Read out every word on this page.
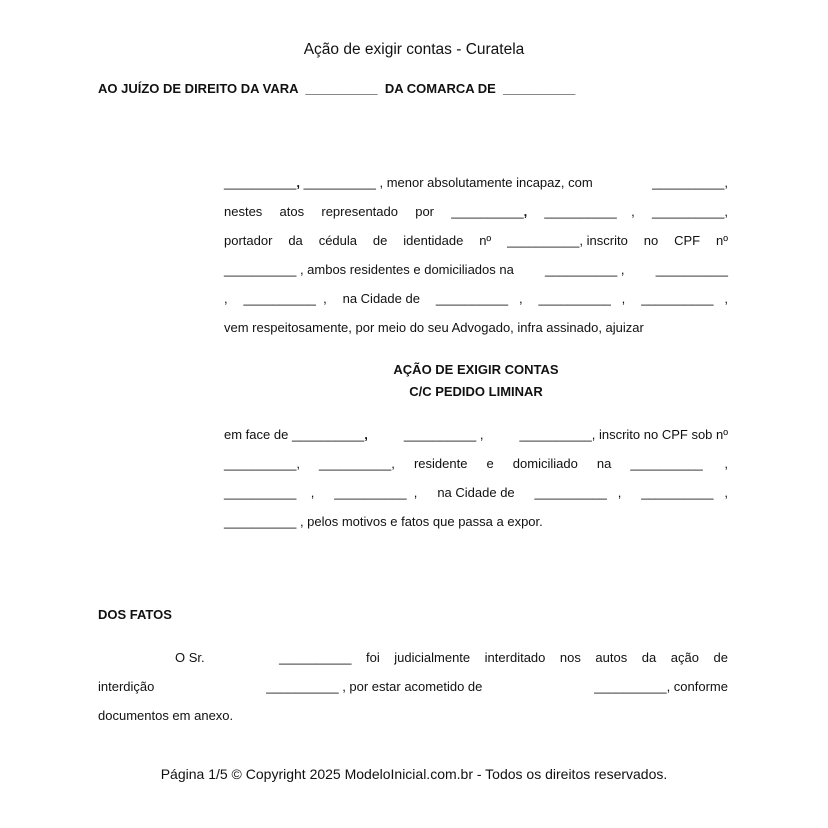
Ação de exigir contas - Curatela
AO JUÍZO DE DIREITO DA VARA __________ DA COMARCA DE __________
__________, __________ , menor absolutamente incapaz, com	__________,
nestes atos representado por __________, __________    , __________,
portador da cédula de identidade nº __________, inscrito no CPF nº
__________ , ambos residentes e domiciliados na __________ , __________
, __________  , na Cidade de __________   , __________   , __________   ,
vem respeitosamente, por meio do seu Advogado, infra assinado, ajuizar
AÇÃO DE EXIGIR CONTAS
C/C PEDIDO LIMINAR
em face de __________,	__________ ,	__________, inscrito no CPF sob nº
__________, __________, residente e domiciliado na __________      ,
__________    , __________  , na Cidade de __________   , __________   ,
__________ , pelos motivos e fatos que passa a expor.
DOS FATOS
O Sr.	__________ foi judicialmente interditado nos autos da ação de
interdição	__________ , por estar acometido de	__________, conforme
documentos em anexo.
Página 1/5 © Copyright 2025 ModeloInicial.com.br - Todos os direitos reservados.
